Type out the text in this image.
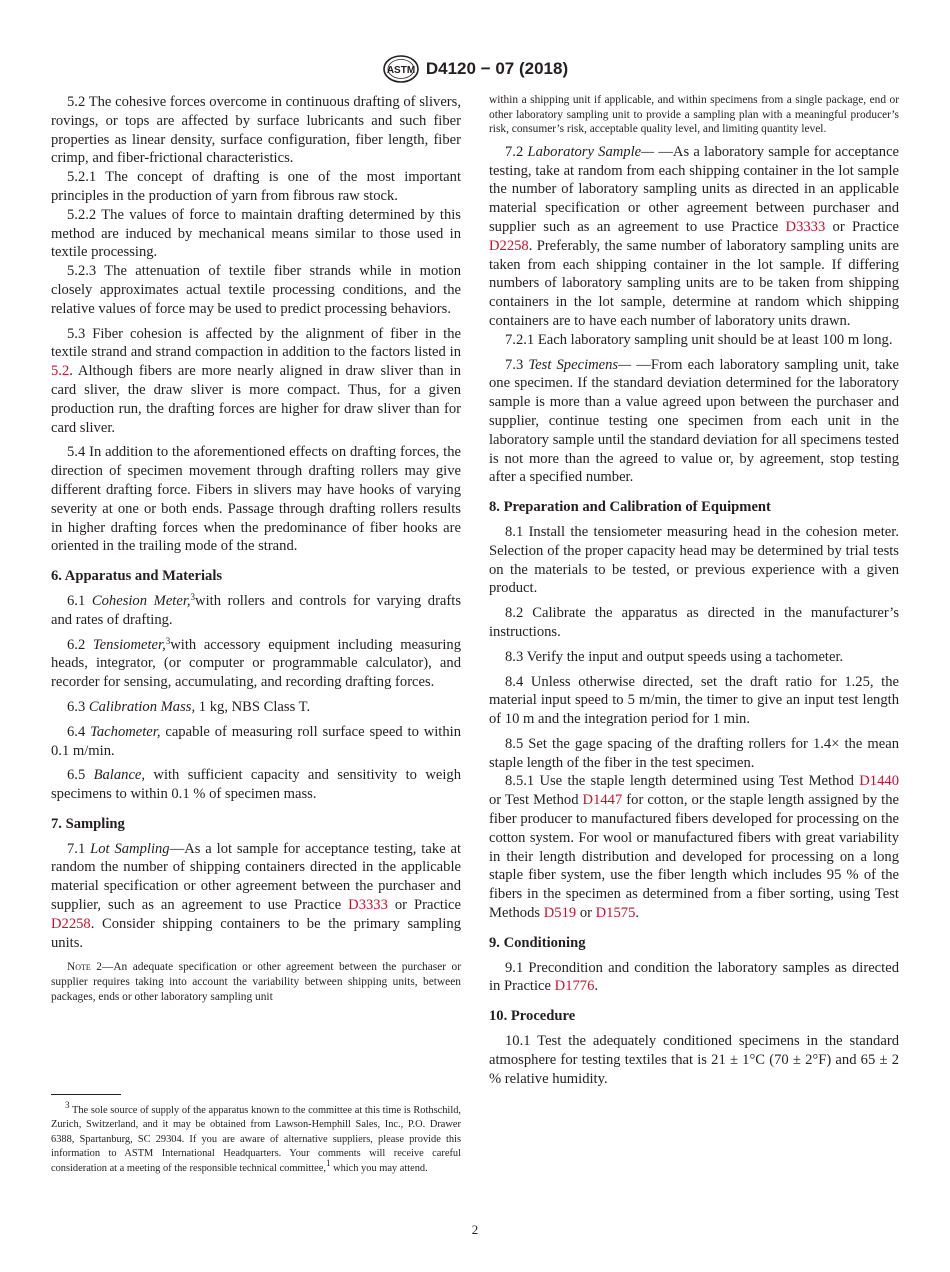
ASTM D4120 − 07 (2018)

5.2 The cohesive forces overcome in continuous drafting of slivers, rovings, or tops are affected by surface lubricants and such fiber properties as linear density, surface configuration, fiber length, fiber crimp, and fiber-frictional characteristics.

5.2.1 The concept of drafting is one of the most important principles in the production of yarn from fibrous raw stock.

5.2.2 The values of force to maintain drafting determined by this method are induced by mechanical means similar to those used in textile processing.

5.2.3 The attenuation of textile fiber strands while in motion closely approximates actual textile processing conditions, and the relative values of force may be used to predict processing behaviors.

5.3 Fiber cohesion is affected by the alignment of fiber in the textile strand and strand compaction in addition to the factors listed in 5.2. Although fibers are more nearly aligned in draw sliver than in card sliver, the draw sliver is more compact. Thus, for a given production run, the drafting forces are higher for draw sliver than for card sliver.

5.4 In addition to the aforementioned effects on drafting forces, the direction of specimen movement through drafting rollers may give different drafting force. Fibers in slivers may have hooks of varying severity at one or both ends. Passage through drafting rollers results in higher drafting forces when the predominance of fiber hooks are oriented in the trailing mode of the strand.

6. Apparatus and Materials

6.1 Cohesion Meter,$^3$with rollers and controls for varying drafts and rates of drafting.

6.2 Tensiometer,$^3$with accessory equipment including measuring heads, integrator, (or computer or programmable calculator), and recorder for sensing, accumulating, and recording drafting forces.

6.3 Calibration Mass, 1 kg, NBS Class T.

6.4 Tachometer, capable of measuring roll surface speed to within 0.1 m/min.

6.5 Balance, with sufficient capacity and sensitivity to weigh specimens to within 0.1 % of specimen mass.

7. Sampling

7.1 Lot Sampling—As a lot sample for acceptance testing, take at random the number of shipping containers directed in the applicable material specification or other agreement between the purchaser and supplier, such as an agreement to use Practice D3333 or Practice D2258. Consider shipping containers to be the primary sampling units.

Note 2—An adequate specification or other agreement between the purchaser or supplier requires taking into account the variability between shipping units, between packages, ends or other laboratory sampling unit

$^3$ The sole source of supply of the apparatus known to the committee at this time is Rothschild, Zurich, Switzerland, and it may be obtained from Lawson-Hemphill Sales, Inc., P.O. Drawer 6388, Spartanburg, SC 29304. If you are aware of alternative suppliers, please provide this information to ASTM International Headquarters. Your comments will receive careful consideration at a meeting of the responsible technical committee,$^1$ which you may attend.

within a shipping unit if applicable, and within specimens from a single package, end or other laboratory sampling unit to provide a sampling plan with a meaningful producer’s risk, consumer’s risk, acceptable quality level, and limiting quantity level.

7.2 Laboratory Sample— —As a laboratory sample for acceptance testing, take at random from each shipping container in the lot sample the number of laboratory sampling units as directed in an applicable material specification or other agreement between purchaser and supplier such as an agreement to use Practice D3333 or Practice D2258. Preferably, the same number of laboratory sampling units are taken from each shipping container in the lot sample. If differing numbers of laboratory sampling units are to be taken from shipping containers in the lot sample, determine at random which shipping containers are to have each number of laboratory units drawn.

7.2.1 Each laboratory sampling unit should be at least 100 m long.

7.3 Test Specimens— —From each laboratory sampling unit, take one specimen. If the standard deviation determined for the laboratory sample is more than a value agreed upon between the purchaser and supplier, continue testing one specimen from each unit in the laboratory sample until the standard deviation for all specimens tested is not more than the agreed to value or, by agreement, stop testing after a specified number.

8. Preparation and Calibration of Equipment

8.1 Install the tensiometer measuring head in the cohesion meter. Selection of the proper capacity head may be determined by trial tests on the materials to be tested, or previous experience with a given product.

8.2 Calibrate the apparatus as directed in the manufacturer’s instructions.

8.3 Verify the input and output speeds using a tachometer.

8.4 Unless otherwise directed, set the draft ratio for 1.25, the material input speed to 5 m/min, the timer to give an input test length of 10 m and the integration period for 1 min.

8.5 Set the gage spacing of the drafting rollers for 1.4× the mean staple length of the fiber in the test specimen.

8.5.1 Use the staple length determined using Test Method D1440 or Test Method D1447 for cotton, or the staple length assigned by the fiber producer to manufactured fibers developed for processing on the cotton system. For wool or manufactured fibers with great variability in their length distribution and developed for processing on a long staple fiber system, use the fiber length which includes 95 % of the fibers in the specimen as determined from a fiber sorting, using Test Methods D519 or D1575.

9. Conditioning

9.1 Precondition and condition the laboratory samples as directed in Practice D1776.

10. Procedure

10.1 Test the adequately conditioned specimens in the standard atmosphere for testing textiles that is 21 ± 1°C (70 ± 2°F) and 65 ± 2 % relative humidity.

2
